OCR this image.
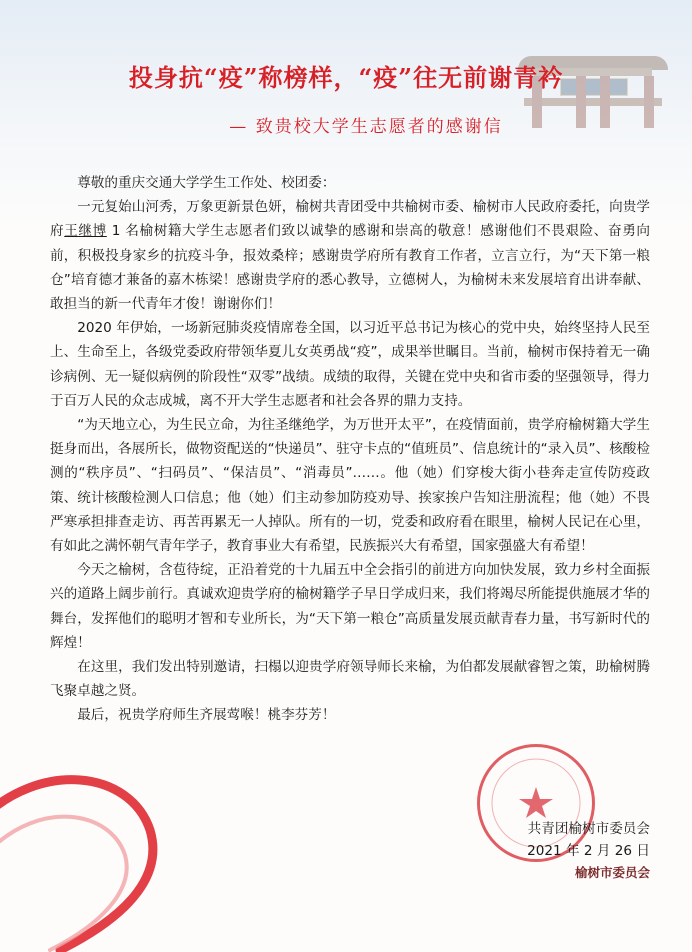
投身抗“疫”称榜样，“疫”往无前谢青衿
— 致贵校大学生志愿者的感谢信

尊敬的重庆交通大学学生工作处、校团委：

一元复始山河秀，万象更新景色妍，榆树共青团受中共榆树市委、榆树市人民政府委托，向贵学府王继博 1 名榆树籍大学生志愿者们致以诚挚的感谢和崇高的敬意！感谢他们不畏艰险、奋勇向前，积极投身家乡的抗疫斗争，报效桑梓；感谢贵学府所有教育工作者，立言立行，为“天下第一粮仓”培育德才兼备的嘉木栋梁！感谢贵学府的悉心教导，立德树人，为榆树未来发展培育出讲奉献、敢担当的新一代青年才俊！谢谢你们！

2020 年伊始，一场新冠肺炎疫情席卷全国，以习近平总书记为核心的党中央，始终坚持人民至上、生命至上，各级党委政府带领华夏儿女英勇战“疫”，成果举世瞩目。当前，榆树市保持着无一确诊病例、无一疑似病例的阶段性“双零”战绩。成绩的取得，关键在党中央和省市委的坚强领导，得力于百万人民的众志成城，离不开大学生志愿者和社会各界的鼎力支持。

“为天地立心，为生民立命，为往圣继绝学，为万世开太平”，在疫情面前，贵学府榆树籍大学生挺身而出，各展所长，做物资配送的“快递员”、驻守卡点的“值班员”、信息统计的“录入员”、核酸检测的“秩序员”、“扫码员”、“保洁员”、“消毒员”……。他（她）们穿梭大街小巷奔走宣传防疫政策、统计核酸检测人口信息；他（她）们主动参加防疫劝导、挨家挨户告知注册流程；他（她）不畏严寒承担排查走访、再苦再累无一人掉队。所有的一切，党委和政府看在眼里，榆树人民记在心里，有如此之满怀朝气青年学子，教育事业大有希望，民族振兴大有希望，国家强盛大有希望！

今天之榆树，含苞待绽，正沿着党的十九届五中全会指引的前进方向加快发展，致力乡村全面振兴的道路上阔步前行。真诚欢迎贵学府的榆树籍学子早日学成归来，我们将竭尽所能提供施展才华的舞台，发挥他们的聪明才智和专业所长，为“天下第一粮仓”高质量发展贡献青春力量，书写新时代的辉煌！

在这里，我们发出特别邀请，扫榻以迎贵学府领导师长来榆，为伯都发展献睿智之策，助榆树腾飞聚卓越之贤。

最后，祝贵学府师生齐展莺喉！桃李芬芳！

共青团榆树市委员会
2021 年 2 月 26 日
榆树市委员会
